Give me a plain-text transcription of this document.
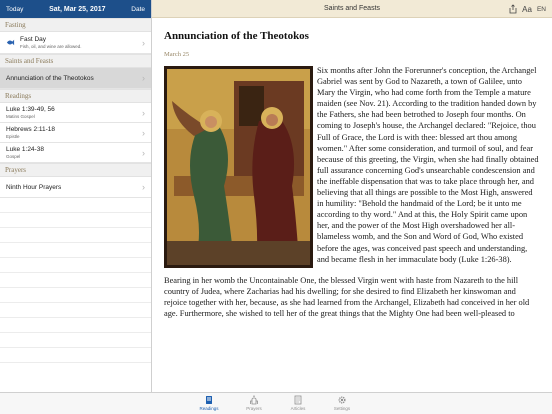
Today	Sat, Mar 25, 2017	Date
Fasting
Fast Day
Fish, oil, and wine are allowed.	›
Saints and Feasts
Annunciation of the Theotokos	›
Readings
Luke 1:39-49, 56
Matins Gospel	›
Hebrews 2:11-18
Epistle	›
Luke 1:24-38
Gospel	›
Prayers
Ninth Hour Prayers	›
Saints and Feasts	Aa EN
Annunciation of the Theotokos
March 25

Six months after John the Forerunner's conception, the Archangel Gabriel was sent by God to Nazareth, a town of Galilee, unto Mary the Virgin, who had come forth from the Temple a mature maiden (see Nov. 21). According to the tradition handed down by the Fathers, she had been betrothed to Joseph four months. On coming to Joseph's house, the Archangel declared: "Rejoice, thou Full of Grace, the Lord is with thee: blessed art thou among women." After some consideration, and turmoil of soul, and fear because of this greeting, the Virgin, when she had finally obtained full assurance concerning God's unsearchable condescension and the ineffable dispensation that was to take place through her, and believing that all things are possible to the Most High, answered in humility: "Behold the handmaid of the Lord; be it unto me according to thy word." And at this, the Holy Spirit came upon her, and the power of the Most High overshadowed her all-blameless womb, and the Son and Word of God, Who existed before the ages, was conceived past speech and understanding, and became flesh in her immaculate body (Luke 1:26-38).

Bearing in her womb the Uncontainable One, the blessed Virgin went with haste from Nazareth to the hill country of Judea, where Zacharias had his dwelling; for she desired to find Elizabeth her kinswoman and rejoice together with her, because, as she had learned from the Archangel, Elizabeth had conceived in her old age. Furthermore, she wished to tell her of the great things that the Mighty One had been well-pleased to

Readings	Prayers	Articles	Settings
